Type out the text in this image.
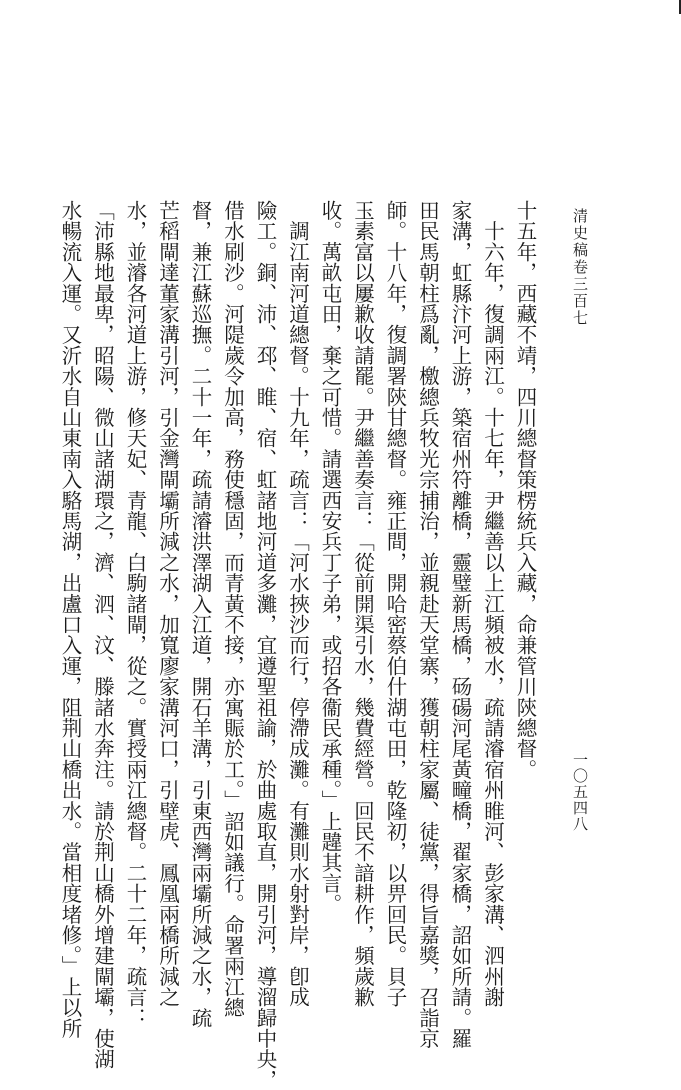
清史稿卷三百七
一〇五四八
十五年，西藏不靖，四川總督策楞統兵入藏，命兼管川陝總督。
　十六年，復調兩江。十七年，尹繼善以上江頻被水，疏請濬宿州睢河、彭家溝、泗州謝
家溝，虹縣汴河上游，築宿州符離橋，靈璧新馬橋，砀碭河尾黃疃橋，翟家橋，詔如所請。羅
田民馬朝柱爲亂，檄總兵牧光宗捕治，並親赴天堂寨，獲朝柱家屬、徒黨，得旨嘉獎，召詣京
師。十八年，復調署陝甘總督。雍正間，開哈密蔡伯什湖屯田，乾隆初，以畀回民。貝子
玉素富以屢歉收請罷。尹繼善奏言：「從前開渠引水，幾費經營。回民不諳耕作，頻歲歉
收。萬畝屯田，棄之可惜。請選西安兵丁子弟，或招各衞民承種。」上韙其言。
　調江南河道總督。十九年，疏言：「河水挾沙而行，停滯成灘。有灘則水射對岸，卽成
險工。銅、沛、邳、睢、宿、虹諸地河道多灘，宜遵聖祖諭，於曲處取直，開引河，導溜歸中央，
借水刷沙。河隄歲令加高，務使穩固，而青黃不接，亦寓賑於工。」詔如議行。命署兩江總
督，兼江蘇巡撫。二十一年，疏請濬洪澤湖入江道，開石羊溝，引東西灣兩壩所減之水，疏
芒稻閘達董家溝引河，引金灣閘壩所減之水，加寬廖家溝河口，引壁虎、鳳凰兩橋所減之
水，並濬各河道上游，修天妃、青龍、白駒諸閘，從之。實授兩江總督。二十二年，疏言：
「沛縣地最卑，昭陽、微山諸湖環之，濟、泗、汶、滕諸水奔注。請於荆山橋外增建閘壩，使湖
水暢流入運。又沂水自山東南入駱馬湖，出盧口入運，阻荆山橋出水。當相度堵修。」上以所
